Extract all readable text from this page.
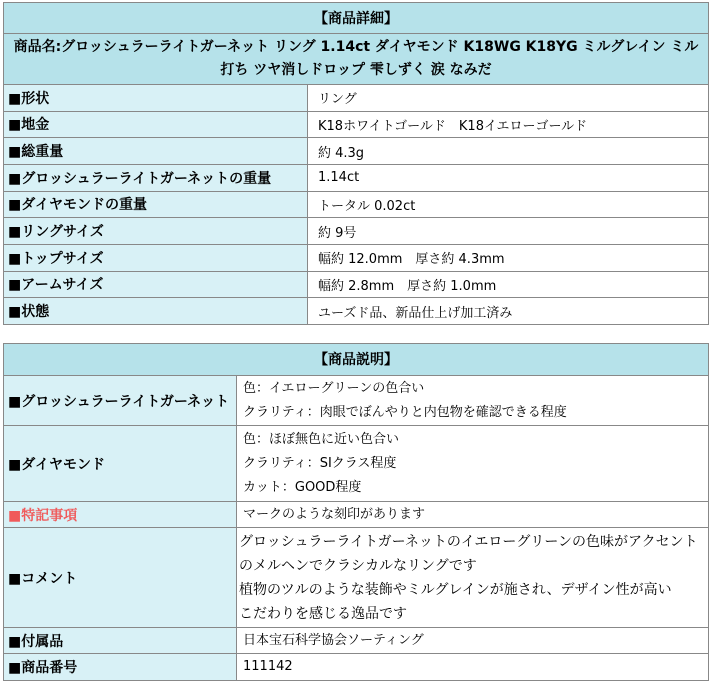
【商品詳細】	
商品名:グロッシュラーライトガーネット リング 1.14ct ダイヤモンド K18WG K18YG ミルグレイン ミル打ち ツヤ消しドロップ 雫しずく 涙 なみだ	
■形状	リング
■地金	K18ホワイトゴールド　K18イエローゴールド
■総重量	約 4.3g
■グロッシュラーライトガーネットの重量	1.14ct
■ダイヤモンドの重量	トータル 0.02ct
■リングサイズ	約 9号
■トップサイズ	幅約 12.0mm　厚さ約 4.3mm
■アームサイズ	幅約 2.8mm　厚さ約 1.0mm
■状態	ユーズド品、新品仕上げ加工済み
【商品説明】	
■グロッシュラーライトガーネット	色：イエローグリーンの色合い
クラリティ：肉眼でぼんやりと内包物を確認できる程度

■ダイヤモンド	色：ほぼ無色に近い色合い
クラリティ：SIクラス程度
カット：GOOD程度

■特記事項	マークのような刻印があります

■コメント	グロッシュラーライトガーネットのイエローグリーンの色味がアクセント
のメルヘンでクラシカルなリングです
植物のツルのような装飾やミルグレインが施され、デザイン性が高い
こだわりを感じる逸品です

■付属品	日本宝石科学協会ソーティング

■商品番号	111142
